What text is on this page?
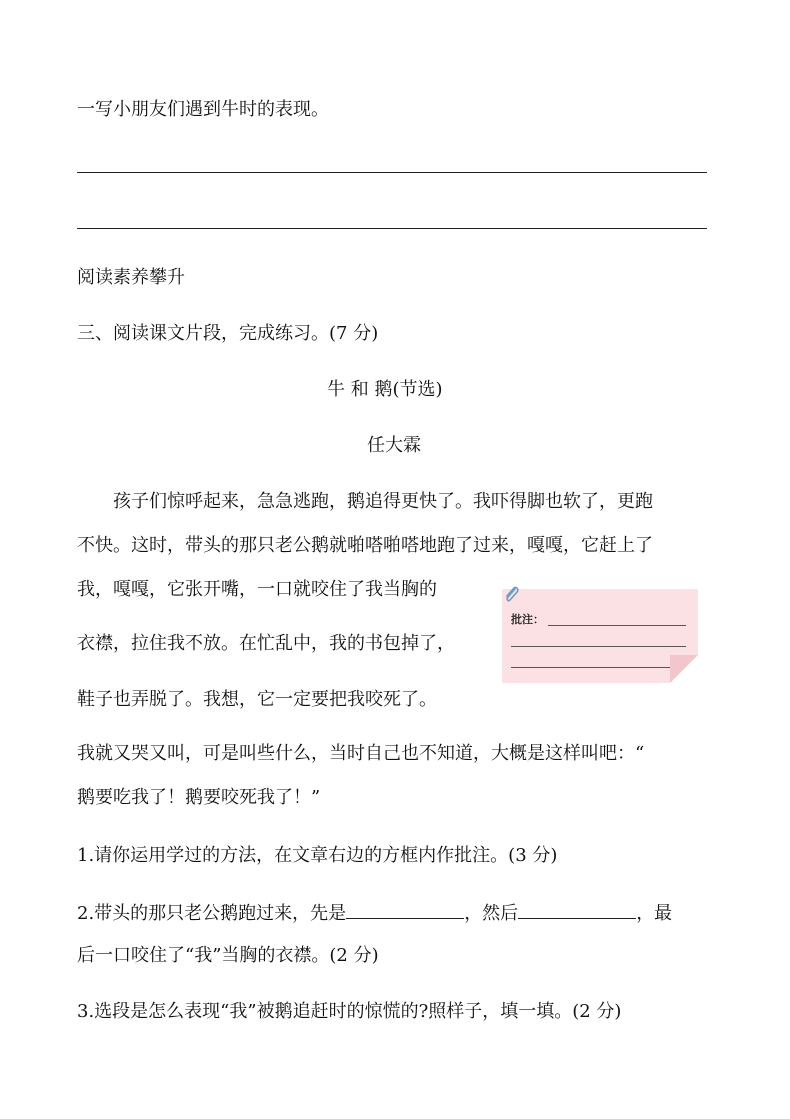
一写小朋友们遇到牛时的表现。
阅读素养攀升
三、阅读课文片段，完成练习。(7 分)
牛 和 鹅(节选)
任大霖
孩子们惊呼起来，急急逃跑，鹅追得更快了。我吓得脚也软了，更跑
不快。这时，带头的那只老公鹅就啪嗒啪嗒地跑了过来，嘎嘎，它赶上了
我，嘎嘎，它张开嘴，一口就咬住了我当胸的
衣襟，拉住我不放。在忙乱中，我的书包掉了，
鞋子也弄脱了。我想，它一定要把我咬死了。
我就又哭又叫，可是叫些什么，当时自己也不知道，大概是这样叫吧：“
鹅要吃我了！鹅要咬死我了！”
批注：
1.请你运用学过的方法，在文章右边的方框内作批注。(3 分)
2.带头的那只老公鹅跑过来，先是	，然后	，最
后一口咬住了“我”当胸的衣襟。(2 分)
3.选段是怎么表现“我”被鹅追赶时的惊慌的?照样子，填一填。(2 分)
